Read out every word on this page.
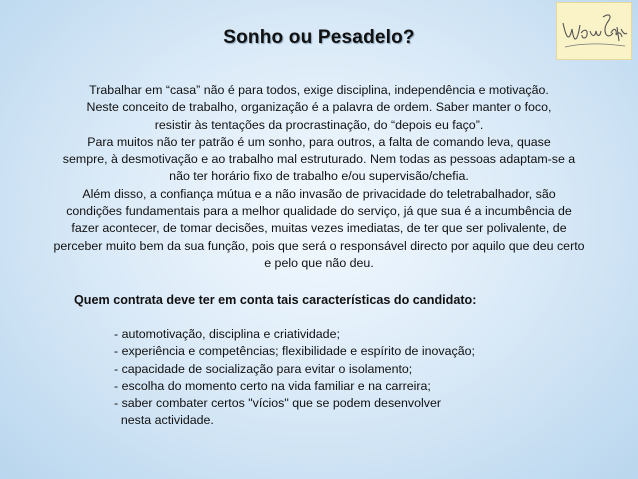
Sonho ou Pesadelo?

Trabalhar em “casa” não é para todos, exige disciplina, independência e motivação.

Neste conceito de trabalho, organização é a palavra de ordem. Saber manter o foco,

resistir às tentações da procrastinação, do “depois eu faço”.

Para muitos não ter patrão é um sonho, para outros, a falta de comando leva, quase

sempre, à desmotivação e ao trabalho mal estruturado. Nem todas as pessoas adaptam-se a

não ter horário fixo de trabalho e/ou supervisão/chefia.

Além disso, a confiança mútua e a não invasão de privacidade do teletrabalhador, são

condições fundamentais para a melhor qualidade do serviço, já que sua é a incumbência de

fazer acontecer, de tomar decisões, muitas vezes imediatas, de ter que ser polivalente, de

perceber muito bem da sua função, pois que será o responsável directo por aquilo que deu certo

e pelo que não deu.

Quem contrata deve ter em conta tais características do candidato:
- automotivação, disciplina e criatividade;
- experiência e competências; flexibilidade e espírito de inovação;
- capacidade de socialização para evitar o isolamento;
- escolha do momento certo na vida familiar e na carreira;
- saber combater certos "vícios" que se podem desenvolver
nesta actividade.
